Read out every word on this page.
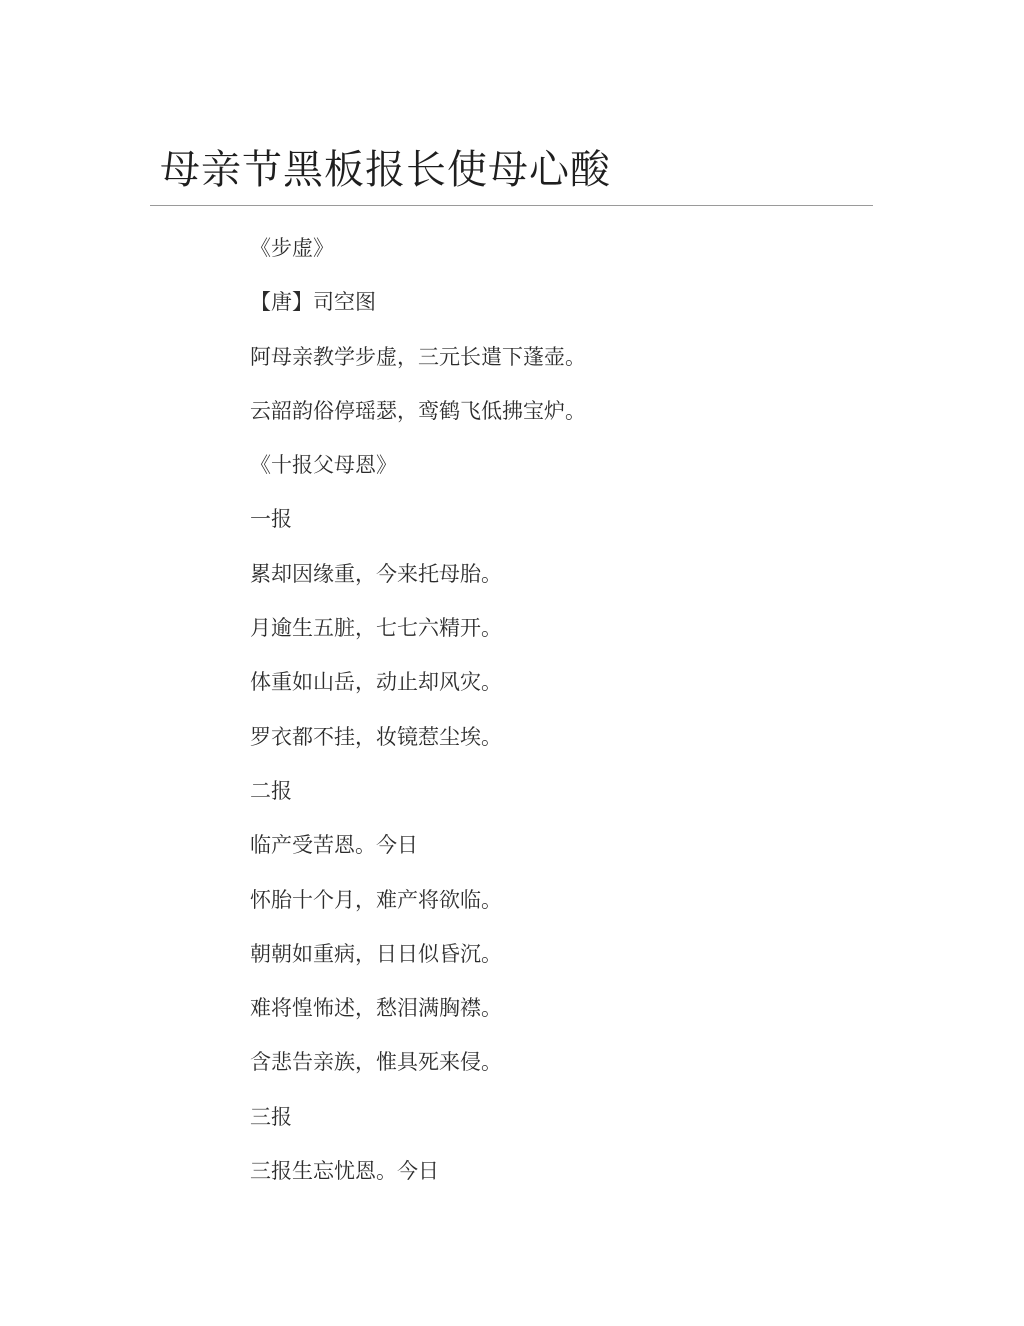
母亲节黑板报长使母心酸
《步虚》
【唐】司空图
阿母亲教学步虚，三元长遣下蓬壶。
云韶韵俗停瑶瑟，鸾鹤飞低拂宝炉。
《十报父母恩》
一报
累却因缘重，今来托母胎。
月逾生五脏，七七六精开。
体重如山岳，动止却风灾。
罗衣都不挂，妆镜惹尘埃。
二报
临产受苦恩。今日
怀胎十个月，难产将欲临。
朝朝如重病，日日似昏沉。
难将惶怖述，愁泪满胸襟。
含悲告亲族，惟具死来侵。
三报
三报生忘忧恩。今日
